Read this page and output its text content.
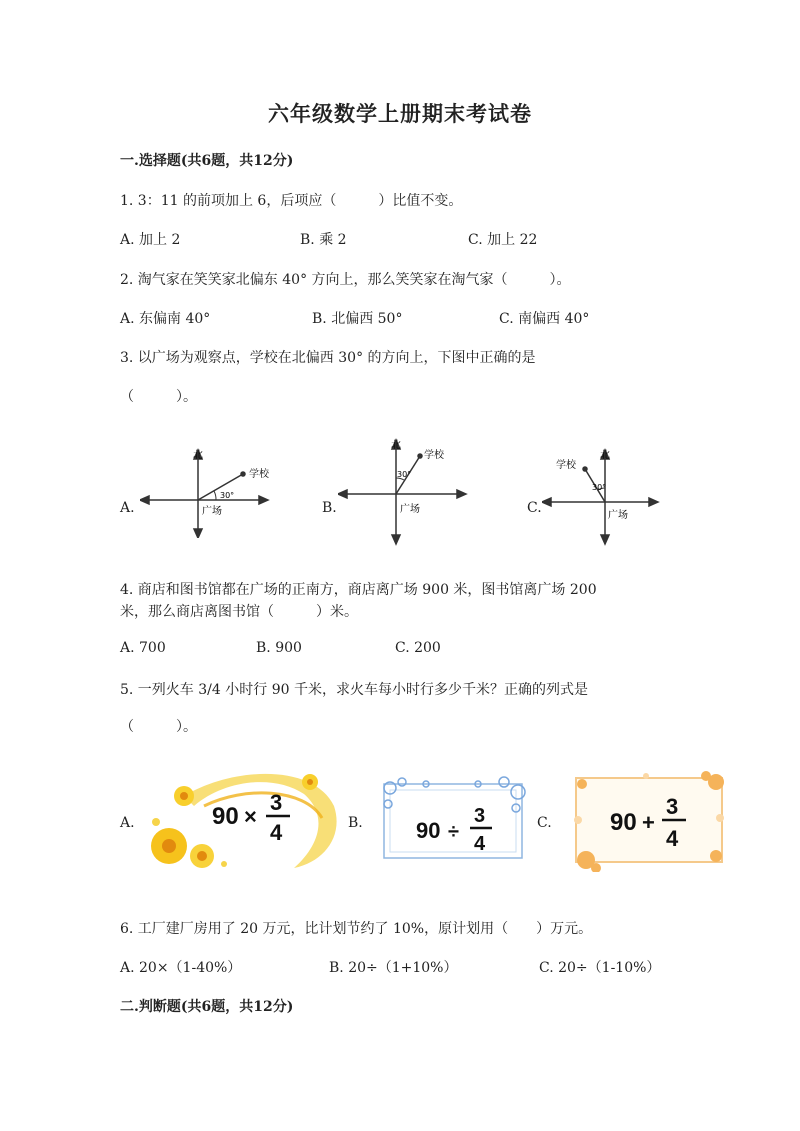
六年级数学上册期末考试卷
一.选择题(共6题，共12分)
1. 3：11 的前项加上 6，后项应（　　　）比值不变。
A. 加上 2	B. 乘 2	C. 加上 22
2. 淘气家在笑笑家北偏东 40° 方向上，那么笑笑家在淘气家（　　　）。
A. 东偏南 40°	B. 北偏西 50°	C. 南偏西 40°
3. 以广场为观察点，学校在北偏西 30° 的方向上，下图中正确的是
（　　　）。
A.	B.	C.
北
学校
30°
广场
北
学校
30°
广场
北
学校
30°
广场
4. 商店和图书馆都在广场的正南方，商店离广场 900 米，图书馆离广场 200
米，那么商店离图书馆（　　　）米。
A. 700	B. 900	C. 200
5. 一列火车 3/4 小时行 90 千米，求火车每小时行多少千米？正确的列式是
（　　　）。
A.	B.	C.
90 ×
3
4	90 ÷
3
4
90 +
3
4
6. 工厂建厂房用了 20 万元，比计划节约了 10%，原计划用（　　）万元。
A. 20×（1-40%）	B. 20÷（1+10%）	C. 20÷（1-10%）
二.判断题(共6题，共12分)
